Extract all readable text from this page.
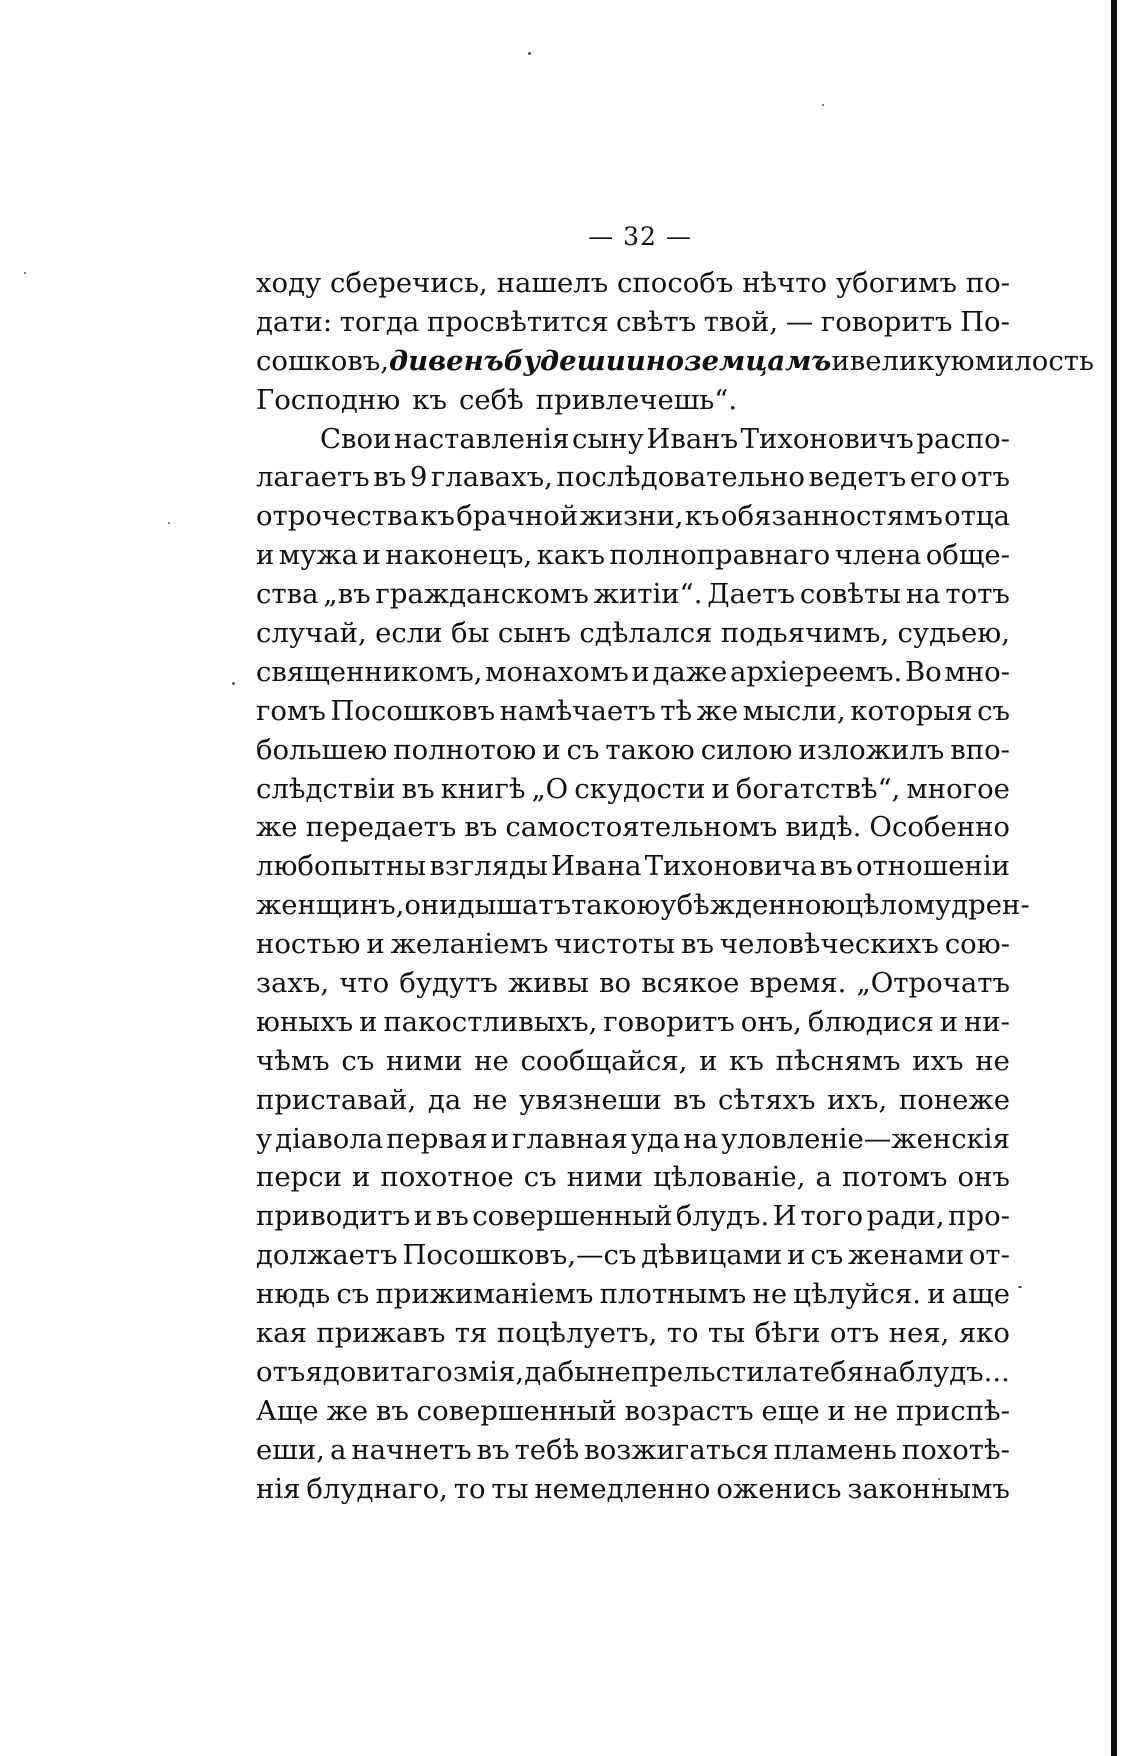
— 32 —
ходу сберечись, нашелъ способъ нѣчто убогимъ по-
дати: тогда просвѣтится свѣтъ твой, — говоритъ По-
сошковъ, дивенъ будеши иноземцамъ и великую милость
Господню къ себѣ привлечешь“.
Свои наставленія сыну Иванъ Тихоновичъ распо-
лагаетъ въ 9 главахъ, послѣдовательно ведетъ его отъ
отрочества къ брачной жизни, къ обязанностямъ отца
и мужа и наконецъ, какъ полноправнаго члена обще-
ства „въ гражданскомъ житіи“. Даетъ совѣты на тотъ
случай, если бы сынъ сдѣлался подьячимъ, судьею,
священникомъ, монахомъ и даже архіереемъ. Во мно-
гомъ Посошковъ намѣчаетъ тѣ же мысли, которыя съ
большею полнотою и съ такою силою изложилъ впо-
слѣдствіи въ книгѣ „О скудости и богатствѣ“, многое
же передаетъ въ самостоятельномъ видѣ. Особенно
любопытны взгляды Ивана Тихоновича въ отношеніи
женщинъ, они дышатъ такою убѣжденною цѣломудрен-
ностью и желаніемъ чистоты въ человѣческихъ сою-
захъ, что будутъ живы во всякое время. „Отрочатъ
юныхъ и пакостливыхъ, говоритъ онъ, блюдися и ни-
чѣмъ съ ними не сообщайся, и къ пѣснямъ ихъ не
приставай, да не увязнеши въ сѣтяхъ ихъ, понеже
у діавола первая и главная уда на уловленіе—женскія
перси и похотное съ ними цѣлованіе, а потомъ онъ
приводитъ и въ совершенный блудъ. И того ради, про-
должаетъ Посошковъ,—съ дѣвицами и съ женами от-
нюдь съ прижиманіемъ плотнымъ не цѣлуйся. и аще
кая прижавъ тя поцѣлуетъ, то ты бѣги отъ нея, яко
отъ ядовитаго змія, дабы не прельстила тебя на блудъ...
Аще же въ совершенный возрастъ еще и не приспѣ-
еши, а начнетъ въ тебѣ возжигаться пламень похотѣ-
нія блуднаго, то ты немедленно оженись законнымъ
